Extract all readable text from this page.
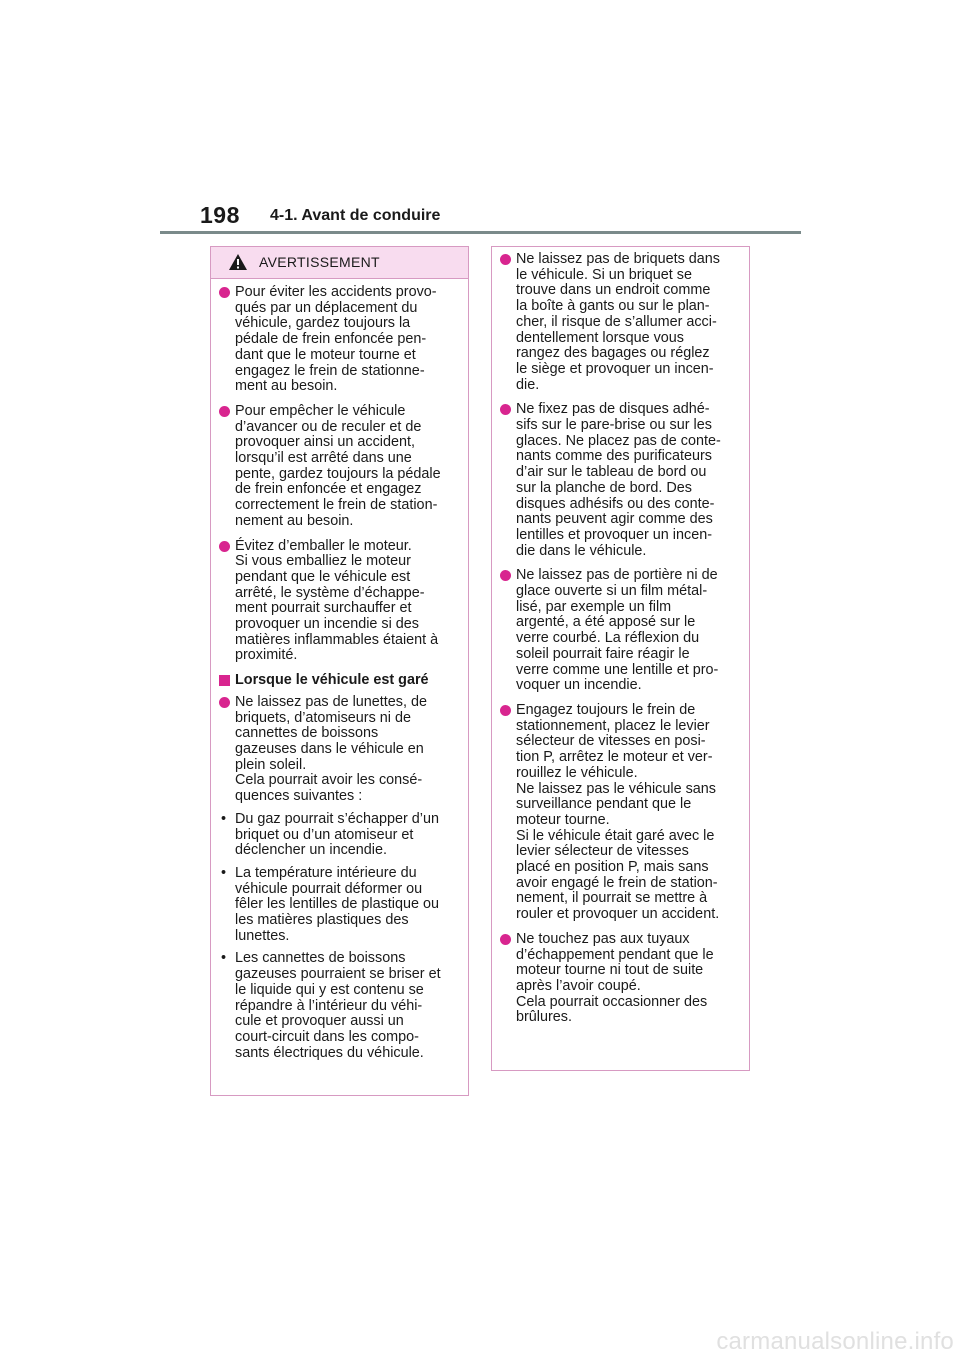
198 4-1. Avant de conduire
AVERTISSEMENT
Pour éviter les accidents provo-
qués par un déplacement du
véhicule, gardez toujours la
pédale de frein enfoncée pen-
dant que le moteur tourne et
engagez le frein de stationne-
ment au besoin.
Pour empêcher le véhicule
d’avancer ou de reculer et de
provoquer ainsi un accident,
lorsqu’il est arrêté dans une
pente, gardez toujours la pédale
de frein enfoncée et engagez
correctement le frein de station-
nement au besoin.
Évitez d’emballer le moteur.
Si vous emballiez le moteur
pendant que le véhicule est
arrêté, le système d’échappe-
ment pourrait surchauffer et
provoquer un incendie si des
matières inflammables étaient à
proximité.
Lorsque le véhicule est garé
Ne laissez pas de lunettes, de
briquets, d’atomiseurs ni de
cannettes de boissons
gazeuses dans le véhicule en
plein soleil.
Cela pourrait avoir les consé-
quences suivantes :
• Du gaz pourrait s’échapper d’un
briquet ou d’un atomiseur et
déclencher un incendie.
• La température intérieure du
véhicule pourrait déformer ou
fêler les lentilles de plastique ou
les matières plastiques des
lunettes.
• Les cannettes de boissons
gazeuses pourraient se briser et
le liquide qui y est contenu se
répandre à l’intérieur du véhi-
cule et provoquer aussi un
court-circuit dans les compo-
sants électriques du véhicule.
Ne laissez pas de briquets dans
le véhicule. Si un briquet se
trouve dans un endroit comme
la boîte à gants ou sur le plan-
cher, il risque de s’allumer acci-
dentellement lorsque vous
rangez des bagages ou réglez
le siège et provoquer un incen-
die.
Ne fixez pas de disques adhé-
sifs sur le pare-brise ou sur les
glaces. Ne placez pas de conte-
nants comme des purificateurs
d’air sur le tableau de bord ou
sur la planche de bord. Des
disques adhésifs ou des conte-
nants peuvent agir comme des
lentilles et provoquer un incen-
die dans le véhicule.
Ne laissez pas de portière ni de
glace ouverte si un film métal-
lisé, par exemple un film
argenté, a été apposé sur le
verre courbé. La réflexion du
soleil pourrait faire réagir le
verre comme une lentille et pro-
voquer un incendie.
Engagez toujours le frein de
stationnement, placez le levier
sélecteur de vitesses en posi-
tion P, arrêtez le moteur et ver-
rouillez le véhicule.
Ne laissez pas le véhicule sans
surveillance pendant que le
moteur tourne.
Si le véhicule était garé avec le
levier sélecteur de vitesses
placé en position P, mais sans
avoir engagé le frein de station-
nement, il pourrait se mettre à
rouler et provoquer un accident.
Ne touchez pas aux tuyaux
d’échappement pendant que le
moteur tourne ni tout de suite
après l’avoir coupé.
Cela pourrait occasionner des
brûlures.
carmanualsonline.info
